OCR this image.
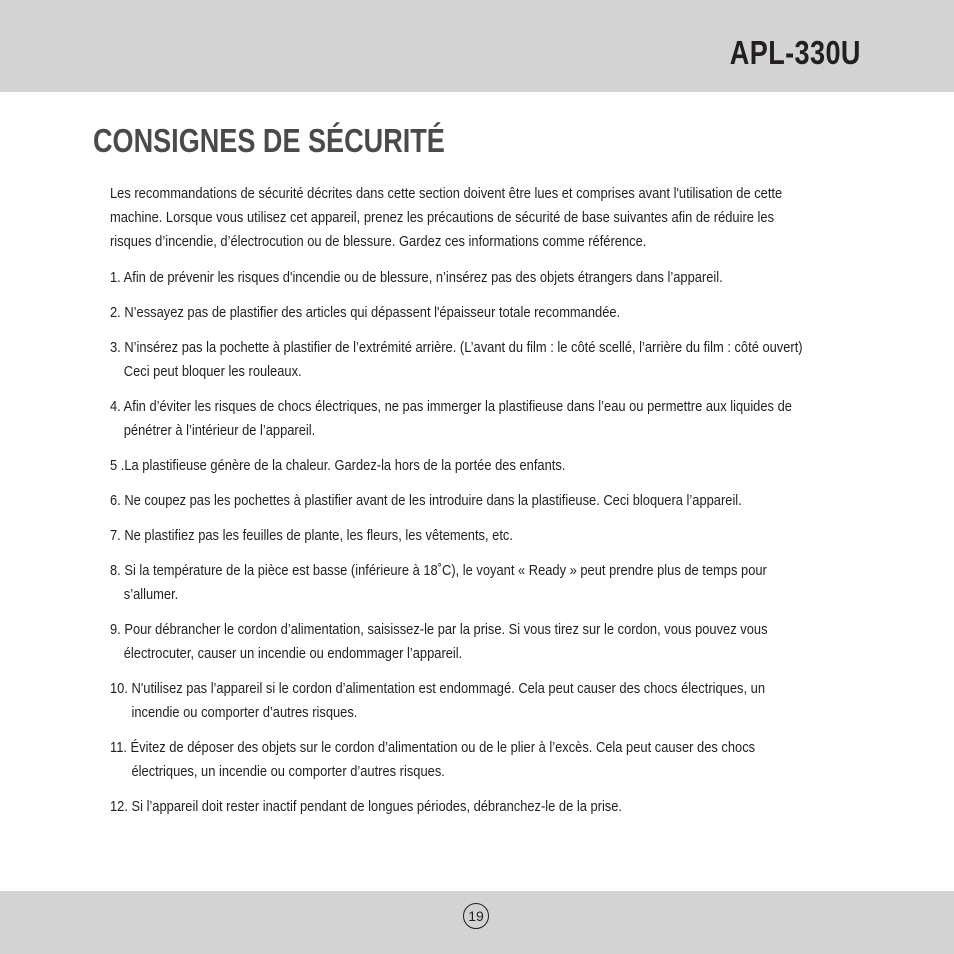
APL-330U
CONSIGNES DE SÉCURITÉ
Les recommandations de sécurité décrites dans cette section doivent être lues et comprises avant l'utilisation de cette
machine. Lorsque vous utilisez cet appareil, prenez les précautions de sécurité de base suivantes afin de réduire les
risques d’incendie, d’électrocution ou de blessure. Gardez ces informations comme référence.
1. Afin de prévenir les risques d'incendie ou de blessure, n’insérez pas des objets étrangers dans l’appareil.
2. N’essayez pas de plastifier des articles qui dépassent l'épaisseur totale recommandée.
3. N’insérez pas la pochette à plastifier de l’extrémité arrière. (L’avant du film : le côté scellé, l’arrière du film : côté ouvert)
Ceci peut bloquer les rouleaux.
4. Afin d’éviter les risques de chocs électriques, ne pas immerger la plastifieuse dans l’eau ou permettre aux liquides de
pénétrer à l’intérieur de l’appareil.
5 .La plastifieuse génère de la chaleur. Gardez-la hors de la portée des enfants.
6. Ne coupez pas les pochettes à plastifier avant de les introduire dans la plastifieuse. Ceci bloquera l’appareil.
7. Ne plastifiez pas les feuilles de plante, les fleurs, les vêtements, etc.
8. Si la température de la pièce est basse (inférieure à 18˚C), le voyant « Ready » peut prendre plus de temps pour
s’allumer.
9. Pour débrancher le cordon d’alimentation, saisissez-le par la prise. Si vous tirez sur le cordon, vous pouvez vous
électrocuter, causer un incendie ou endommager l’appareil.
10. N'utilisez pas l’appareil si le cordon d’alimentation est endommagé. Cela peut causer des chocs électriques, un
incendie ou comporter d’autres risques.
11. Évitez de déposer des objets sur le cordon d’alimentation ou de le plier à l’excès. Cela peut causer des chocs
électriques, un incendie ou comporter d’autres risques.
12. Si l’appareil doit rester inactif pendant de longues périodes, débranchez-le de la prise.
19
